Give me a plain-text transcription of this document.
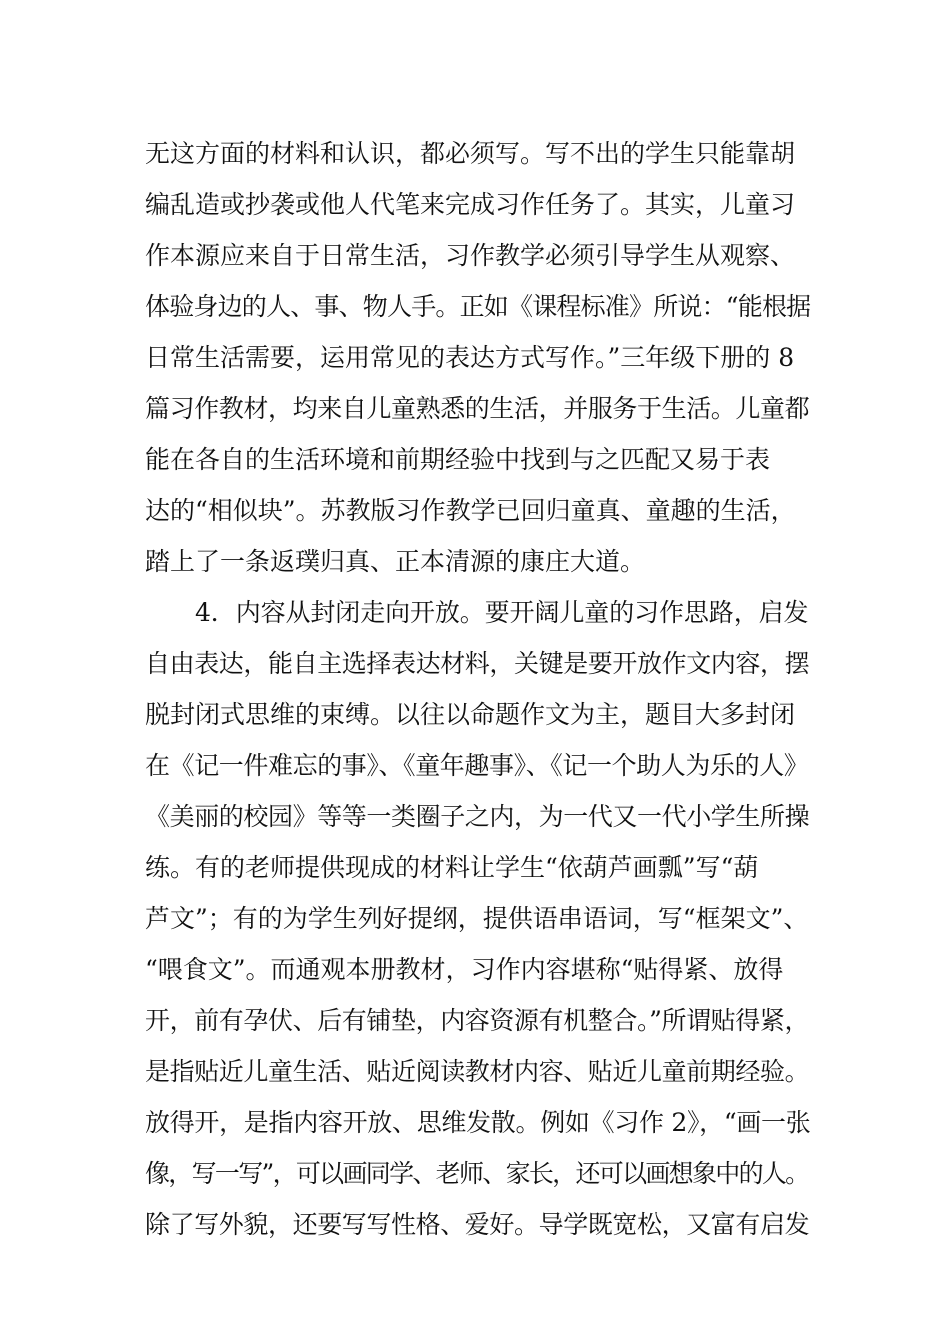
无这方面的材料和认识，都必须写。写不出的学生只能靠胡
编乱造或抄袭或他人代笔来完成习作任务了。其实，儿童习
作本源应来自于日常生活，习作教学必须引导学生从观察、
体验身边的人、事、物人手。正如《课程标准》所说：“能根据
日常生活需要，运用常见的表达方式写作。”三年级下册的 8
篇习作教材，均来自儿童熟悉的生活，并服务于生活。儿童都
能在各自的生活环境和前期经验中找到与之匹配又易于表
达的“相似块”。苏教版习作教学已回归童真、童趣的生活，
踏上了一条返璞归真、正本清源的康庄大道。
4．内容从封闭走向开放。要开阔儿童的习作思路，启发
自由表达，能自主选择表达材料，关键是要开放作文内容，摆
脱封闭式思维的束缚。以往以命题作文为主，题目大多封闭
在《记一件难忘的事》、《童年趣事》、《记一个助人为乐的人》
《美丽的校园》等等一类圈子之内，为一代又一代小学生所操
练。有的老师提供现成的材料让学生“依葫芦画瓢”写“葫
芦文”；有的为学生列好提纲，提供语串语词，写“框架文”、
“喂食文”。而通观本册教材，习作内容堪称“贴得紧、放得
开，前有孕伏、后有铺垫，内容资源有机整合。”所谓贴得紧，
是指贴近儿童生活、贴近阅读教材内容、贴近儿童前期经验。
放得开，是指内容开放、思维发散。例如《习作 2》，“画一张
像，写一写”，可以画同学、老师、家长，还可以画想象中的人。
除了写外貌，还要写写性格、爱好。导学既宽松，又富有启发
